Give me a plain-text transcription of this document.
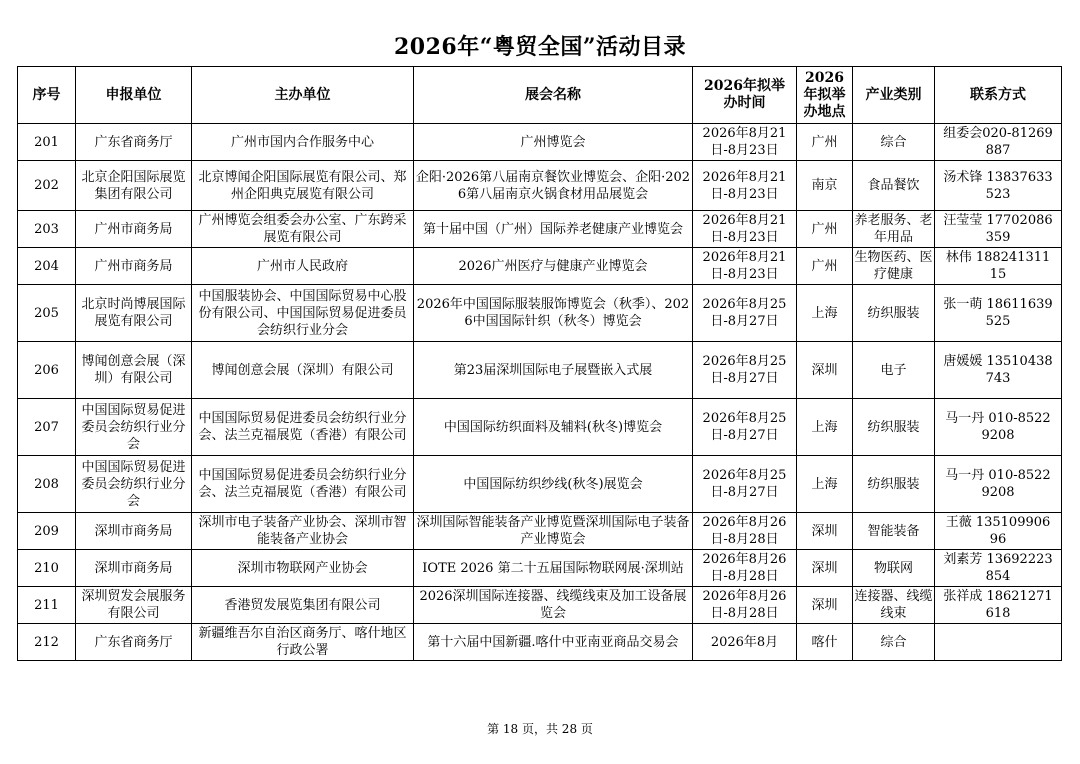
2026年“粤贸全国”活动目录
序号	申报单位	主办单位	展会名称	2026年拟举办时间	2026年拟举办地点	产业类别	联系方式
201	广东省商务厅	广州市国内合作服务中心	广州博览会	2026年8月21日-8月23日	广州	综合	组委会020-81269887
202	北京企阳国际展览集团有限公司	北京博闻企阳国际展览有限公司、郑州企阳典克展览有限公司	企阳·2026第八届南京餐饮业博览会、企阳·2026第八届南京火锅食材用品展览会	2026年8月21日-8月23日	南京	食品餐饮	汤术锋 13837633523
203	广州市商务局	广州博览会组委会办公室、广东跨采展览有限公司	第十届中国（广州）国际养老健康产业博览会	2026年8月21日-8月23日	广州	养老服务、老年用品	汪莹莹 17702086359
204	广州市商务局	广州市人民政府	2026广州医疗与健康产业博览会	2026年8月21日-8月23日	广州	生物医药、医疗健康	林伟 18824131115
205	北京时尚博展国际展览有限公司	中国服装协会、中国国际贸易中心股份有限公司、中国国际贸易促进委员会纺织行业分会	2026年中国国际服装服饰博览会（秋季）、2026中国国际针织（秋冬）博览会	2026年8月25日-8月27日	上海	纺织服装	张一萌 18611639525
206	博闻创意会展（深圳）有限公司	博闻创意会展（深圳）有限公司	第23届深圳国际电子展暨嵌入式展	2026年8月25日-8月27日	深圳	电子	唐媛媛 13510438743
207	中国国际贸易促进委员会纺织行业分会	中国国际贸易促进委员会纺织行业分会、法兰克福展览（香港）有限公司	中国国际纺织面料及辅料(秋冬)博览会	2026年8月25日-8月27日	上海	纺织服装	马一丹 010-85229208
208	中国国际贸易促进委员会纺织行业分会	中国国际贸易促进委员会纺织行业分会、法兰克福展览（香港）有限公司	中国国际纺织纱线(秋冬)展览会	2026年8月25日-8月27日	上海	纺织服装	马一丹 010-85229208
209	深圳市商务局	深圳市电子装备产业协会、深圳市智能装备产业协会	深圳国际智能装备产业博览暨深圳国际电子装备产业博览会	2026年8月26日-8月28日	深圳	智能装备	王薇 13510990696
210	深圳市商务局	深圳市物联网产业协会	IOTE 2026 第二十五届国际物联网展·深圳站	2026年8月26日-8月28日	深圳	物联网	刘素芳 13692223854
211	深圳贸发会展服务有限公司	香港贸发展览集团有限公司	2026深圳国际连接器、线缆线束及加工设备展览会	2026年8月26日-8月28日	深圳	连接器、线缆线束	张祥成 18621271618
212	广东省商务厅	新疆维吾尔自治区商务厅、喀什地区行政公署	第十六届中国新疆.喀什中亚南亚商品交易会	2026年8月	喀什	综合	
第 18 页，共 28 页
